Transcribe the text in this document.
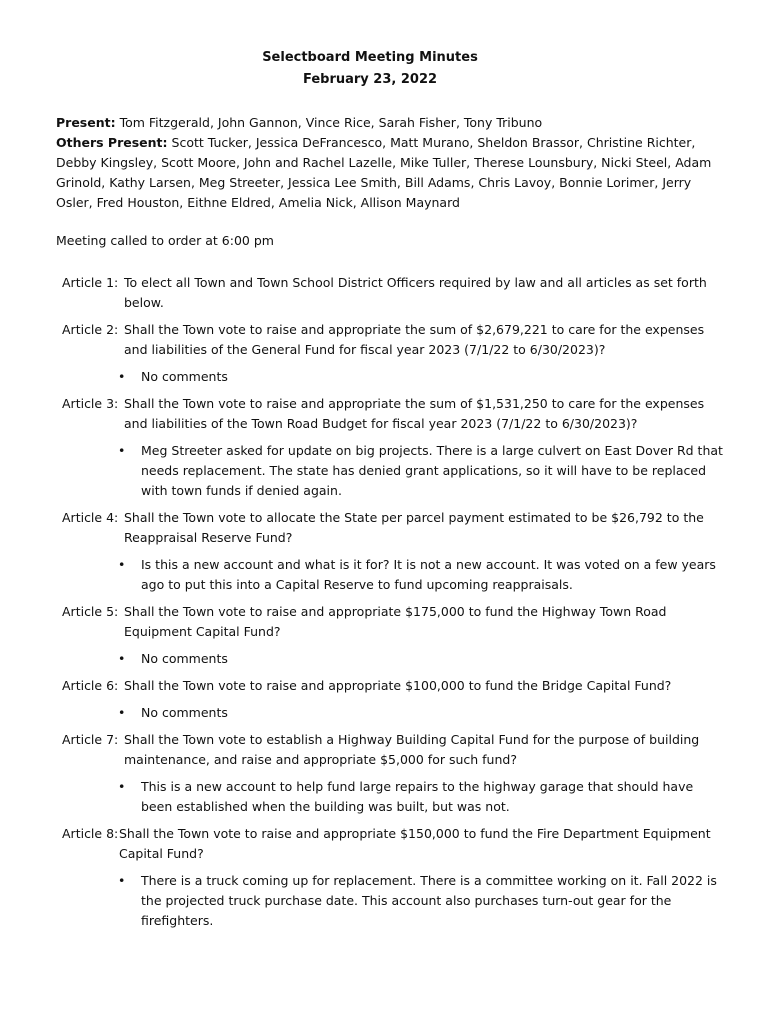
Selectboard Meeting Minutes
February 23, 2022
Present: Tom Fitzgerald, John Gannon, Vince Rice, Sarah Fisher, Tony Tribuno
Others Present: Scott Tucker, Jessica DeFrancesco, Matt Murano, Sheldon Brassor, Christine Richter, Debby Kingsley, Scott Moore, John and Rachel Lazelle, Mike Tuller, Therese Lounsbury, Nicki Steel, Adam Grinold, Kathy Larsen, Meg Streeter, Jessica Lee Smith, Bill Adams, Chris Lavoy, Bonnie Lorimer, Jerry Osler, Fred Houston, Eithne Eldred, Amelia Nick, Allison Maynard
Meeting called to order at 6:00 pm
Article 1: To elect all Town and Town School District Officers required by law and all articles as set forth below.
Article 2: Shall the Town vote to raise and appropriate the sum of $2,679,221 to care for the expenses and liabilities of the General Fund for fiscal year 2023 (7/1/22 to 6/30/2023)?
• No comments
Article 3: Shall the Town vote to raise and appropriate the sum of $1,531,250 to care for the expenses and liabilities of the Town Road Budget for fiscal year 2023 (7/1/22 to 6/30/2023)?
• Meg Streeter asked for update on big projects. There is a large culvert on East Dover Rd that needs replacement. The state has denied grant applications, so it will have to be replaced with town funds if denied again.
Article 4: Shall the Town vote to allocate the State per parcel payment estimated to be $26,792 to the Reappraisal Reserve Fund?
• Is this a new account and what is it for? It is not a new account. It was voted on a few years ago to put this into a Capital Reserve to fund upcoming reappraisals.
Article 5: Shall the Town vote to raise and appropriate $175,000 to fund the Highway Town Road Equipment Capital Fund?
• No comments
Article 6: Shall the Town vote to raise and appropriate $100,000 to fund the Bridge Capital Fund?
• No comments
Article 7: Shall the Town vote to establish a Highway Building Capital Fund for the purpose of building maintenance, and raise and appropriate $5,000 for such fund?
• This is a new account to help fund large repairs to the highway garage that should have been established when the building was built, but was not.
Article 8: Shall the Town vote to raise and appropriate $150,000 to fund the Fire Department Equipment Capital Fund?
• There is a truck coming up for replacement. There is a committee working on it. Fall 2022 is the projected truck purchase date. This account also purchases turn-out gear for the firefighters.
